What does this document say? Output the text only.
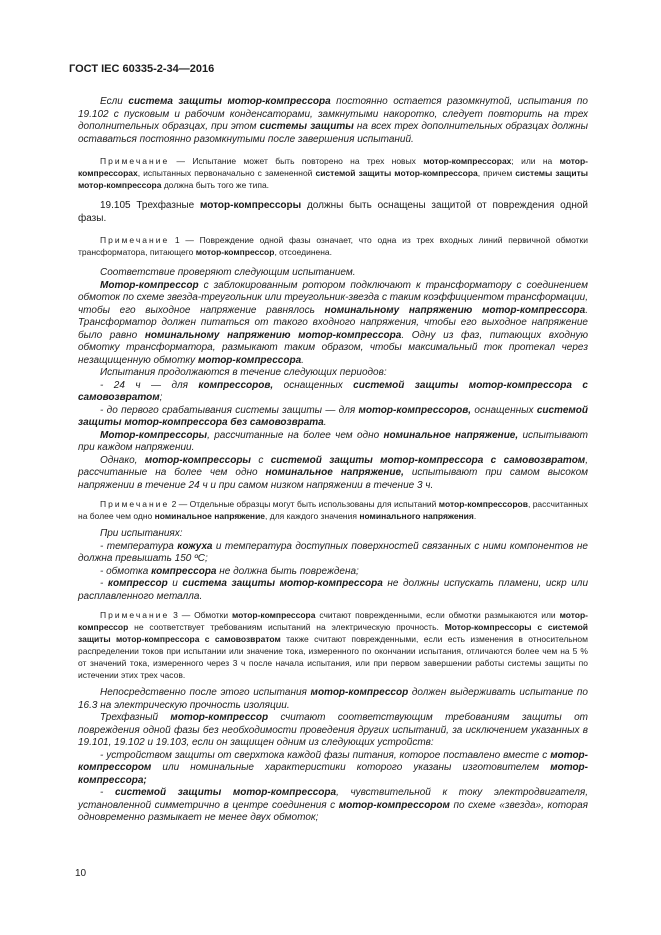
ГОСТ IEC 60335-2-34—2016

Если система защиты мотор-компрессора постоянно остается разомкнутой, испытания по 19.102 с пусковым и рабочим конденсаторами, замкнутыми накоротко, следует повторить на трех дополнительных образцах, при этом системы защиты на всех трех дополнительных образцах должны оставаться постоянно разомкнутыми после завершения испытаний.

Примечание — Испытание может быть повторено на трех новых мотор-компрессорах; или на мотор-компрессорах, испытанных первоначально с замененной системой защиты мотор-компрессора, причем системы защиты мотор-компрессора должна быть того же типа.

19.105 Трехфазные мотор-компрессоры должны быть оснащены защитой от повреждения одной фазы.

Примечание 1 — Повреждение одной фазы означает, что одна из трех входных линий первичной обмотки трансформатора, питающего мотор-компрессор, отсоединена.

Соответствие проверяют следующим испытанием.

Мотор-компрессор с заблокированным ротором подключают к трансформатору с соединением обмоток по схеме звезда-треугольник или треугольник-звезда с таким коэффициентом трансформации, чтобы его выходное напряжение равнялось номинальному напряжению мотор-компрессора. Трансформатор должен питаться от такого входного напряжения, чтобы его выходное напряжение было равно номинальному напряжению мотор-компрессора. Одну из фаз, питающих входную обмотку трансформатора, размыкают таким образом, чтобы максимальный ток протекал через незащищенную обмотку мотор-компрессора.

Испытания продолжаются в течение следующих периодов:

- 24 ч — для компрессоров, оснащенных системой защиты мотор-компрессора с самовозвратом;

- до первого срабатывания системы защиты — для мотор-компрессоров, оснащенных системой защиты мотор-компрессора без самовозврата.

Мотор-компрессоры, рассчитанные на более чем одно номинальное напряжение, испытывают при каждом напряжении.

Однако, мотор-компрессоры с системой защиты мотор-компрессора с самовозвратом, рассчитанные на более чем одно номинальное напряжение, испытывают при самом высоком напряжении в течение 24 ч и при самом низком напряжении в течение 3 ч.

Примечание 2 — Отдельные образцы могут быть использованы для испытаний мотор-компрессоров, рассчитанных на более чем одно номинальное напряжение, для каждого значения номинального напряжения.

При испытаниях:

- температура кожуха и температура доступных поверхностей связанных с ними компонентов не должна превышать 150 ºС;

- обмотка компрессора не должна быть повреждена;

- компрессор и система защиты мотор-компрессора не должны испускать пламени, искр или расплавленного металла.

Примечание 3 — Обмотки мотор-компрессора считают поврежденными, если обмотки размыкаются или мотор-компрессор не соответствует требованиям испытаний на электрическую прочность. Мотор-компрессоры с системой защиты мотор-компрессора с самовозвратом также считают поврежденными, если есть изменения в относительном распределении токов при испытании или значение тока, измеренного по окончании испытания, отличаются более чем на 5 % от значений тока, измеренного через 3 ч после начала испытания, или при первом завершении работы системы защиты по истечении этих трех часов.

Непосредственно после этого испытания мотор-компрессор должен выдерживать испытание по 16.3 на электрическую прочность изоляции.

Трехфазный мотор-компрессор считают соответствующим требованиям защиты от повреждения одной фазы без необходимости проведения других испытаний, за исключением указанных в 19.101, 19.102 и 19.103, если он защищен одним из следующих устройств:

- устройством защиты от сверхтока каждой фазы питания, которое поставлено вместе с мотор-компрессором или номинальные характеристики которого указаны изготовителем мотор-компрессора;

- системой защиты мотор-компрессора, чувствительной к току электродвигателя, установленной симметрично в центре соединения с мотор-компрессором по схеме «звезда», которая одновременно размыкает не менее двух обмоток;

10
